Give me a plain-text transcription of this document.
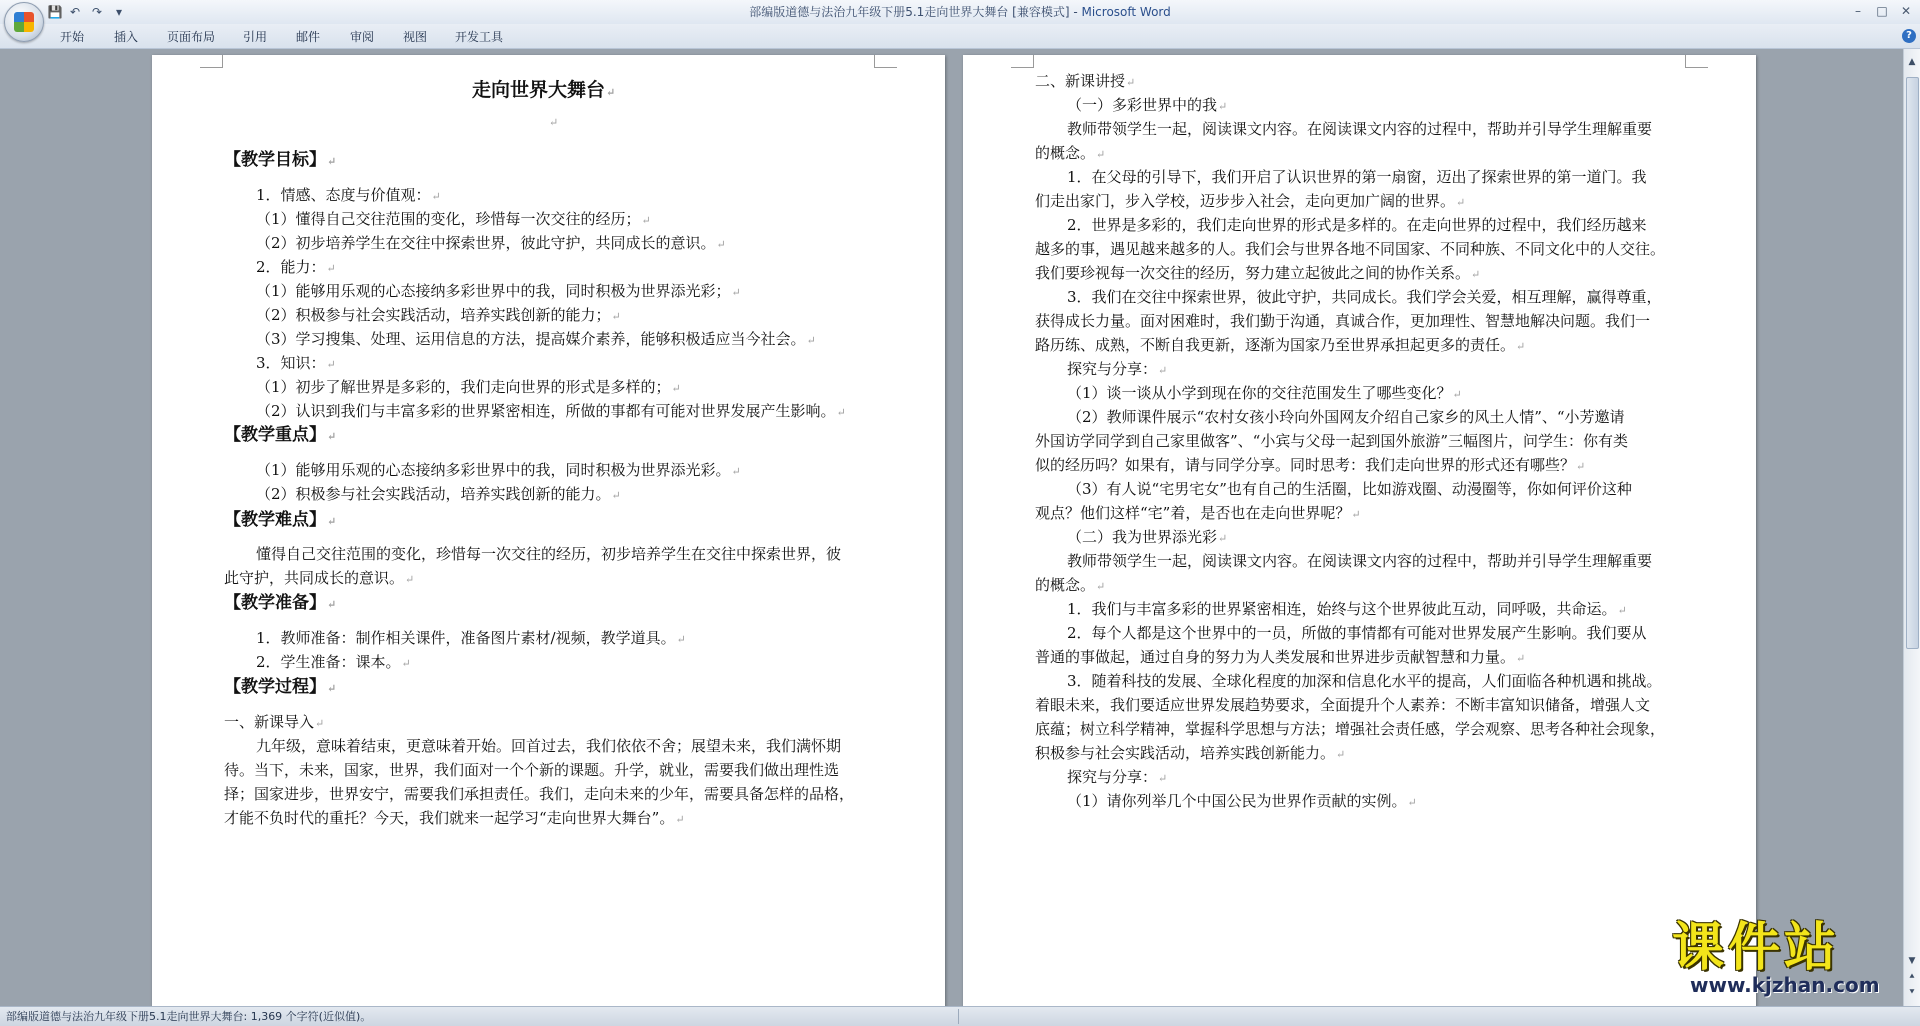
💾 ↶ ↷	▾	部编版道德与法治九年级下册5.1走向世界大舞台 [兼容模式] - Microsoft Word	–	□	✕
开始 插入 页面布局 引用 邮件 审阅 视图 开发工具	?

走向世界大舞台↵

↵

【教学目标】↵

1．情感、态度与价值观：↵

（1）懂得自己交往范围的变化，珍惜每一次交往的经历；↵

（2）初步培养学生在交往中探索世界，彼此守护，共同成长的意识。↵

2．能力：↵

（1）能够用乐观的心态接纳多彩世界中的我，同时积极为世界添光彩；↵

（2）积极参与社会实践活动，培养实践创新的能力；↵

（3）学习搜集、处理、运用信息的方法，提高媒介素养，能够积极适应当今社会。↵

3．知识：↵

（1）初步了解世界是多彩的，我们走向世界的形式是多样的；↵

（2）认识到我们与丰富多彩的世界紧密相连，所做的事都有可能对世界发展产生影响。↵

【教学重点】↵

（1）能够用乐观的心态接纳多彩世界中的我，同时积极为世界添光彩。↵

（2）积极参与社会实践活动，培养实践创新的能力。↵

【教学难点】↵

懂得自己交往范围的变化，珍惜每一次交往的经历，初步培养学生在交往中探索世界，彼

此守护，共同成长的意识。↵

【教学准备】↵

1．教师准备：制作相关课件，准备图片素材/视频，教学道具。↵

2．学生准备：课本。↵

【教学过程】↵

一、新课导入↵

九年级，意味着结束，更意味着开始。回首过去，我们依依不舍；展望未来，我们满怀期

待。当下，未来，国家，世界，我们面对一个个新的课题。升学，就业，需要我们做出理性选

择；国家进步，世界安宁，需要我们承担责任。我们，走向未来的少年，需要具备怎样的品格，

才能不负时代的重托？今天，我们就来一起学习“走向世界大舞台”。↵

二、新课讲授↵

（一）多彩世界中的我↵

教师带领学生一起，阅读课文内容。在阅读课文内容的过程中，帮助并引导学生理解重要

的概念。↵

1．在父母的引导下，我们开启了认识世界的第一扇窗，迈出了探索世界的第一道门。我

们走出家门，步入学校，迈步步入社会，走向更加广阔的世界。↵

2．世界是多彩的，我们走向世界的形式是多样的。在走向世界的过程中，我们经历越来

越多的事，遇见越来越多的人。我们会与世界各地不同国家、不同种族、不同文化中的人交往。

我们要珍视每一次交往的经历，努力建立起彼此之间的协作关系。↵

3．我们在交往中探索世界，彼此守护，共同成长。我们学会关爱，相互理解，赢得尊重，

获得成长力量。面对困难时，我们勤于沟通，真诚合作，更加理性、智慧地解决问题。我们一

路历练、成熟，不断自我更新，逐渐为国家乃至世界承担起更多的责任。↵

探究与分享：↵

（1）谈一谈从小学到现在你的交往范围发生了哪些变化？↵

（2）教师课件展示“农村女孩小玲向外国网友介绍自己家乡的风土人情”、“小芳邀请

外国访学同学到自己家里做客”、“小宾与父母一起到国外旅游”三幅图片，问学生：你有类

似的经历吗？如果有，请与同学分享。同时思考：我们走向世界的形式还有哪些？↵

（3）有人说“宅男宅女”也有自己的生活圈，比如游戏圈、动漫圈等，你如何评价这种

观点？他们这样“宅”着，是否也在走向世界呢？↵

（二）我为世界添光彩↵

教师带领学生一起，阅读课文内容。在阅读课文内容的过程中，帮助并引导学生理解重要

的概念。↵

1．我们与丰富多彩的世界紧密相连，始终与这个世界彼此互动，同呼吸，共命运。↵

2．每个人都是这个世界中的一员，所做的事情都有可能对世界发展产生影响。我们要从

普通的事做起，通过自身的努力为人类发展和世界进步贡献智慧和力量。↵

3．随着科技的发展、全球化程度的加深和信息化水平的提高，人们面临各种机遇和挑战。

着眼未来，我们要适应世界发展趋势要求，全面提升个人素养：不断丰富知识储备，增强人文

底蕴；树立科学精神，掌握科学思想与方法；增强社会责任感，学会观察、思考各种社会现象，

积极参与社会实践活动，培养实践创新能力。↵

探究与分享：↵

（1）请你列举几个中国公民为世界作贡献的实例。↵

▲
▼
⯅
⯆
课件站
www.kjzhan.com
部编版道德与法治九年级下册5.1走向世界大舞台: 1,369 个字符(近似值)。
